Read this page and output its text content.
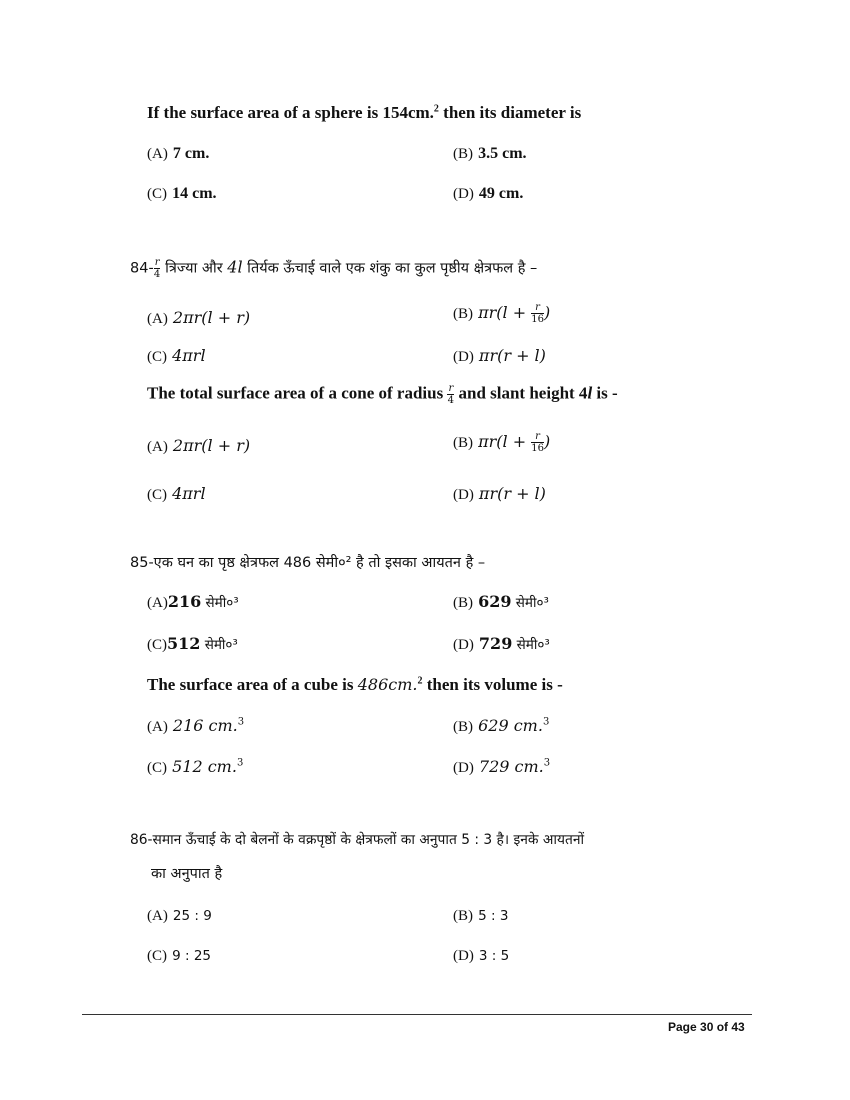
If the surface area of a sphere is 154cm.$^2$ then its diameter is
(A) 7 cm.	(B) 3.5 cm.
(C) 14 cm.	(D) 49 cm.
$84- \frac{r}{4}$ त्रिज्या और 4l तिर्यक ऊँचाई वाले एक शंकु का कुल पृष्ठीय क्षेत्रफल है –
(A) 2πr(l + r)	(B) $\pi r(l + \frac{r}{16}$ )
(C) 4πrl	(D) πr(r + l)
The total surface area of a cone of radius $\frac{r}{4}$ and slant height 4l is -
(A) 2πr(l + r)	(B) $\pi r(l + \frac{r}{16}$ )
(C) 4πrl	(D) πr(r + l)
85-एक घन का पृष्ठ क्षेत्रफल 486 सेमी०² है तो इसका आयतन है –
(A)216 सेमी०³	(B) 629 सेमी०³
(C)512 सेमी०³	(D) 729 सेमी०³
The surface area of a cube is 486cm.$^2$ then its volume is -
(A) 216 cm.$^3$	(B) 629 cm.$^3$
(C) 512 cm.$^3$	(D) 729 cm.$^3$
86-समान ऊँचाई के दो बेलनों के वक्रपृष्ठों के क्षेत्रफलों का अनुपात 5 : 3 है। इनके आयतनों
का अनुपात है
(A) 25 : 9	(B) 5 : 3
(C) 9 : 25	(D) 3 : 5
Page 30 of 43
